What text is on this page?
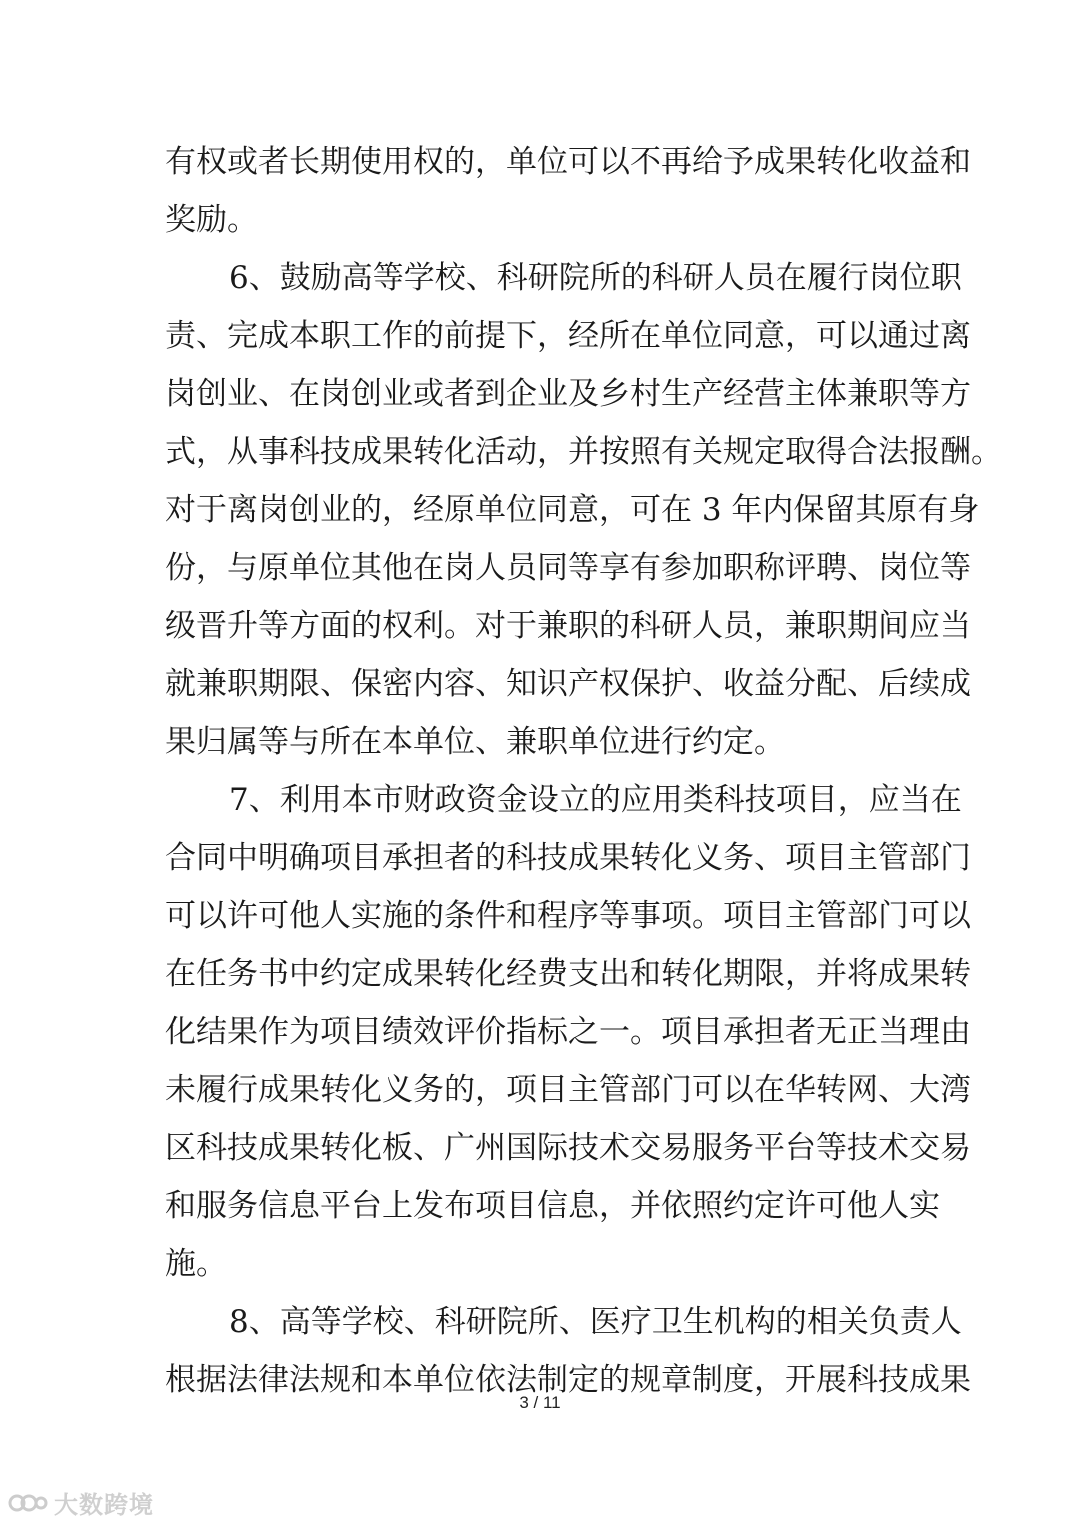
有权或者长期使用权的，单位可以不再给予成果转化收益和
奖励。
6、鼓励高等学校、科研院所的科研人员在履行岗位职
责、完成本职工作的前提下，经所在单位同意，可以通过离
岗创业、在岗创业或者到企业及乡村生产经营主体兼职等方
式，从事科技成果转化活动，并按照有关规定取得合法报酬。
对于离岗创业的，经原单位同意，可在 3 年内保留其原有身
份，与原单位其他在岗人员同等享有参加职称评聘、岗位等
级晋升等方面的权利。对于兼职的科研人员，兼职期间应当
就兼职期限、保密内容、知识产权保护、收益分配、后续成
果归属等与所在本单位、兼职单位进行约定。
7、利用本市财政资金设立的应用类科技项目，应当在
合同中明确项目承担者的科技成果转化义务、项目主管部门
可以许可他人实施的条件和程序等事项。项目主管部门可以
在任务书中约定成果转化经费支出和转化期限，并将成果转
化结果作为项目绩效评价指标之一。项目承担者无正当理由
未履行成果转化义务的，项目主管部门可以在华转网、大湾
区科技成果转化板、广州国际技术交易服务平台等技术交易
和服务信息平台上发布项目信息，并依照约定许可他人实
施。
8、高等学校、科研院所、医疗卫生机构的相关负责人
根据法律法规和本单位依法制定的规章制度，开展科技成果
3 / 11
大数跨境
